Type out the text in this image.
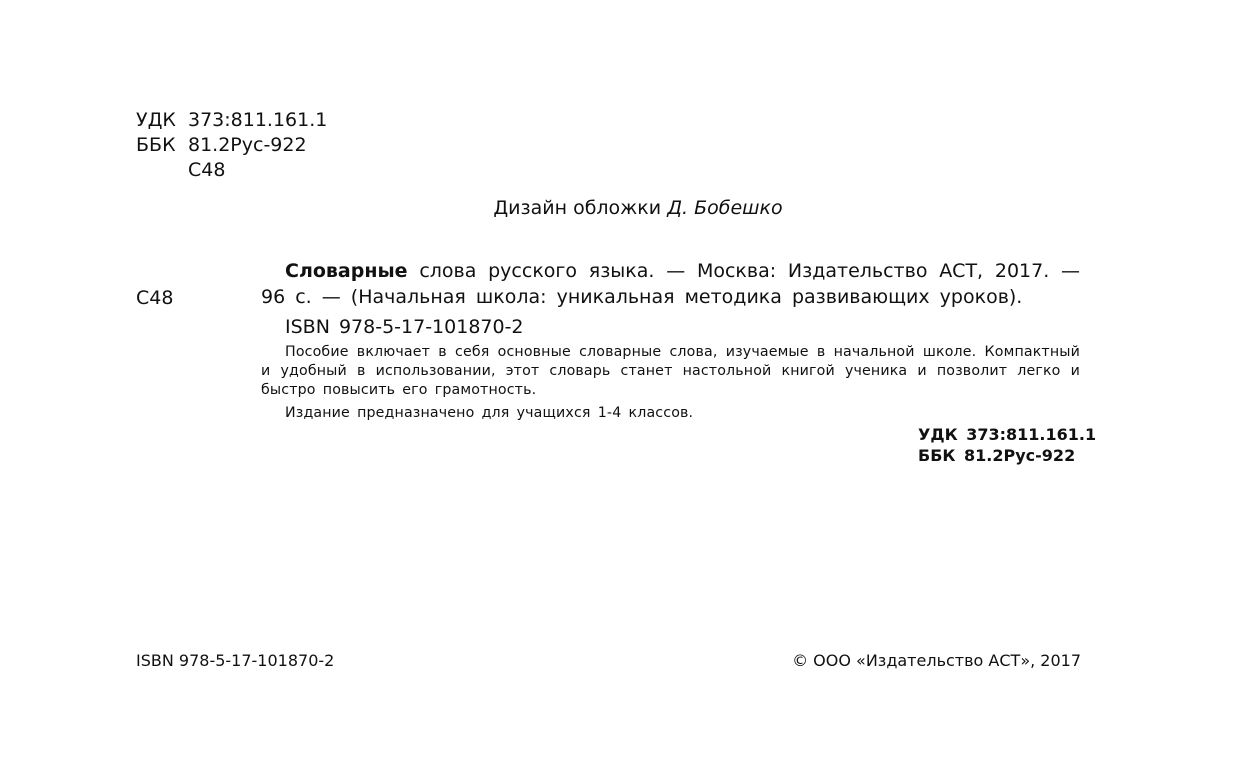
УДК 373:811.161.1
ББК 81.2Рус-922
С48
Дизайн обложки Д. Бобешко
С48
Словарные слова русского языка. — Москва: Издательство АСТ, 2017. —
96 с. — (Начальная школа: уникальная методика развивающих уроков).
ISBN 978-5-17-101870-2

Пособие включает в себя основные словарные слова, изучаемые в начальной школе. Компактный и удобный в использовании, этот словарь станет настольной книгой ученика и позволит легко и быстро повысить его грамотность.

Издание предназначено для учащихся 1-4 классов.

УДК 373:811.161.1
ББК 81.2Рус-922
ISBN 978-5-17-101870-2	© ООО «Издательство АСТ», 2017
